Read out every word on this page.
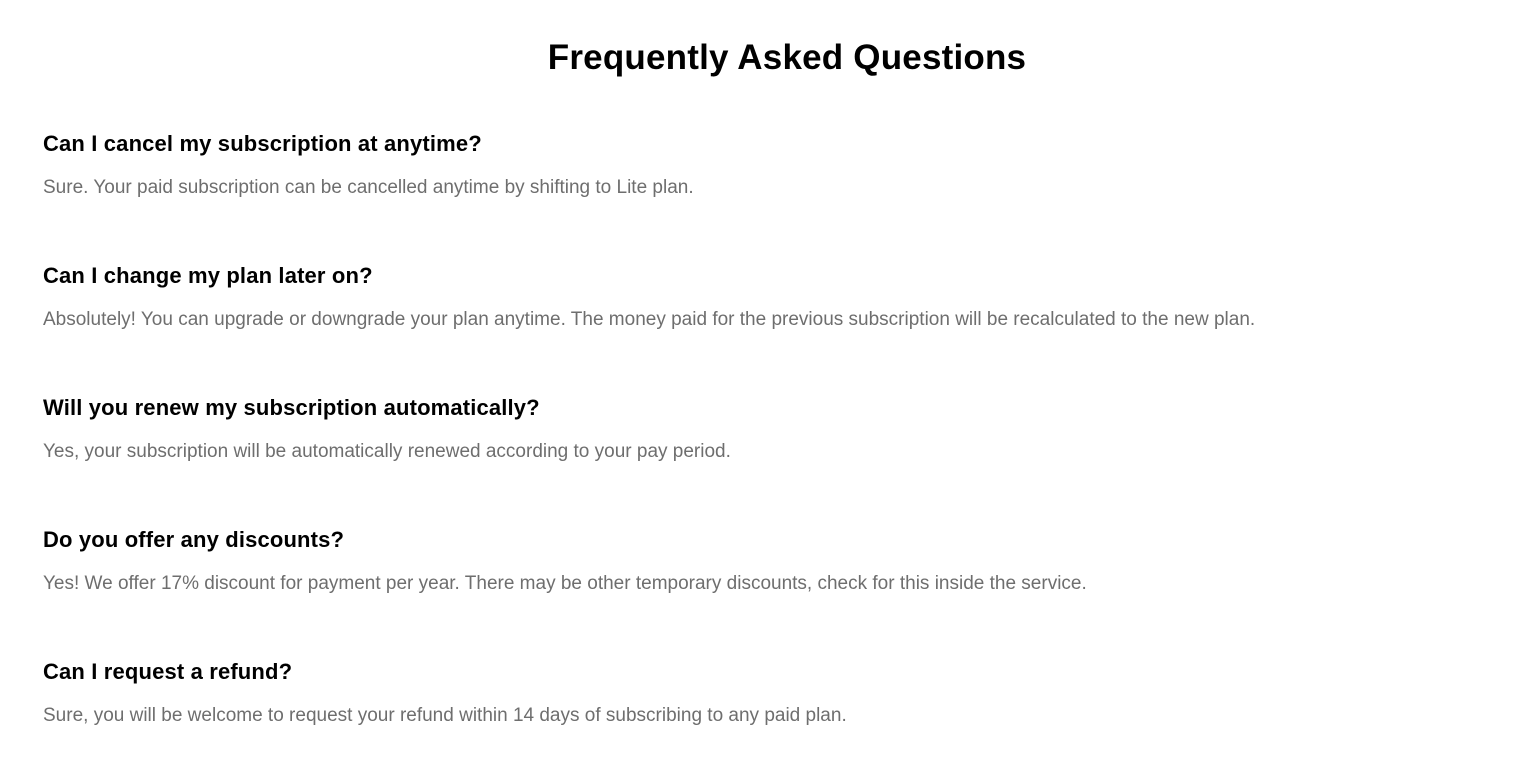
Frequently Asked Questions
Can I cancel my subscription at anytime?

Sure. Your paid subscription can be cancelled anytime by shifting to Lite plan.

Can I change my plan later on?

Absolutely! You can upgrade or downgrade your plan anytime. The money paid for the previous subscription will be recalculated to the new plan.

Will you renew my subscription automatically?

Yes, your subscription will be automatically renewed according to your pay period.

Do you offer any discounts?

Yes! We offer 17% discount for payment per year. There may be other temporary discounts, check for this inside the service.

Can I request a refund?

Sure, you will be welcome to request your refund within 14 days of subscribing to any paid plan.
